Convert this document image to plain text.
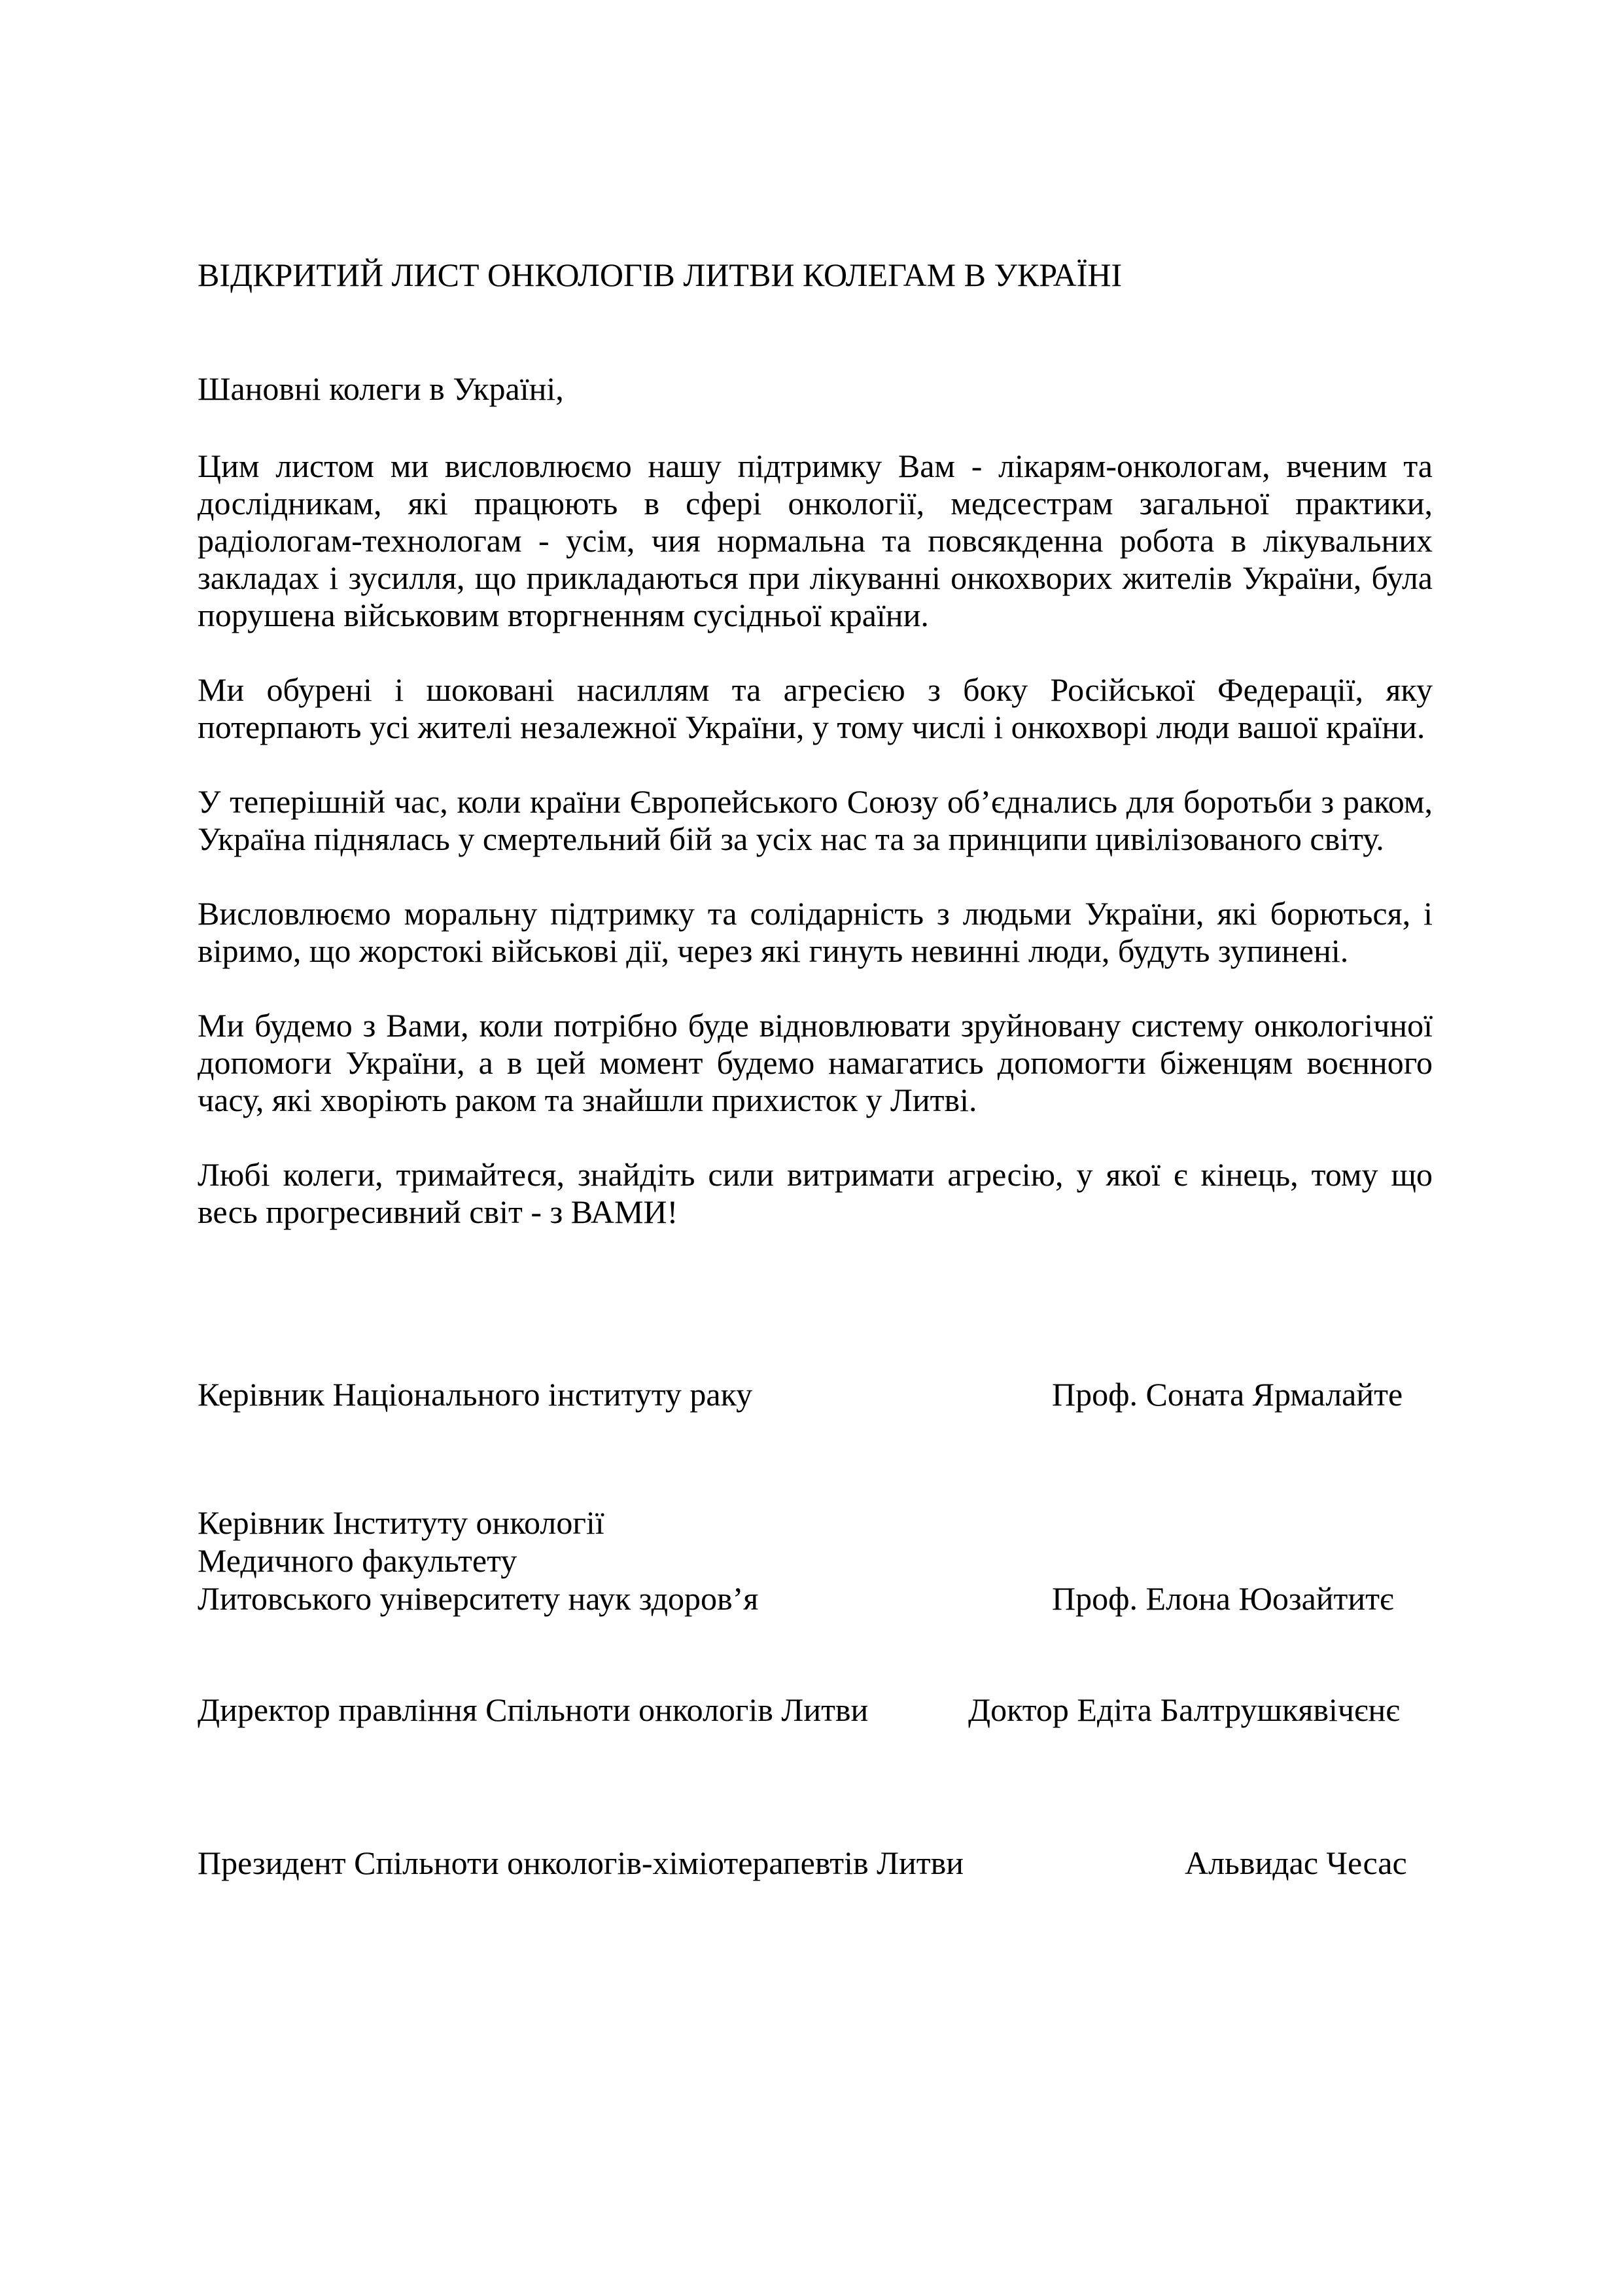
ВІДКРИТИЙ ЛИСТ ОНКОЛОГІВ ЛИТВИ КОЛЕГАМ В УКРАЇНІ
Шановні колеги в Україні,

Цим листом ми висловлюємо нашу підтримку Вам - лікарям-онкологам, вченим та дослідникам, які працюють в сфері онкології, медсестрам загальної практики, радіологам-технологам - усім, чия нормальна та повсякденна робота в лікувальних закладах і зусилля, що прикладаються при лікуванні онкохворих жителів України, була порушена військовим вторгненням сусідньої країни.

Ми обурені і шоковані насиллям та агресією з боку Російської Федерації, яку потерпають усі жителі незалежної України, у тому числі і онкохворі люди вашої країни.

У теперішній час, коли країни Європейського Союзу об’єднались для боротьби з раком, Україна піднялась у смертельний бій за усіх нас та за принципи цивілізованого світу.

Висловлюємо моральну підтримку та солідарність з людьми України, які борються, і віримо, що жорстокі військові дії, через які гинуть невинні люди, будуть зупинені.

Ми будемо з Вами, коли потрібно буде відновлювати зруйновану систему онкологічної допомоги України, а в цей момент будемо намагатись допомогти біженцям воєнного часу, які хворіють раком та знайшли прихисток у Литві.

Любі колеги, тримайтеся, знайдіть сили витримати агресію, у якої є кінець, тому що весь прогресивний світ - з ВАМИ!

Керівник Національного інституту раку	Проф. Соната Ярмалайте
Керівник Інституту онкології
Медичного факультету
Литовського університету наук здоров’я	Проф. Елона Юозайтитє
Директор правління Спільноти онкологів Литви	Доктор Едіта Балтрушкявічєнє
Президент Спільноти онкологів-хіміотерапевтів Литви	Альвидас Чесас
